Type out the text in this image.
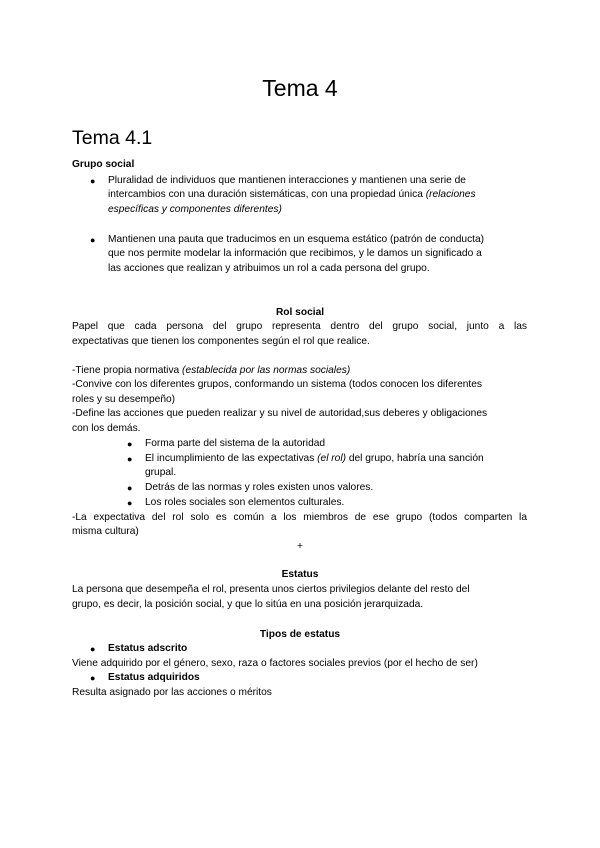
Tema 4
Tema 4.1
Grupo social
● Pluralidad de individuos que mantienen interacciones y mantienen una serie de
intercambios con una duración sistemáticas, con una propiedad única (relaciones
específicas y componentes diferentes)
● Mantienen una pauta que traducimos en un esquema estático (patrón de conducta)
que nos permite modelar la información que recibimos, y le damos un significado a
las acciones que realizan y atribuimos un rol a cada persona del grupo.
Rol social
Papel que cada persona del grupo representa dentro del grupo social, junto a las
expectativas que tienen los componentes según el rol que realice.
-Tiene propia normativa (establecida por las normas sociales)
-Convive con los diferentes grupos, conformando un sistema (todos conocen los diferentes
roles y su desempeño)
-Define las acciones que pueden realizar y su nivel de autoridad,sus deberes y obligaciones
con los demás.
● Forma parte del sistema de la autoridad
● El incumplimiento de las expectativas (el rol) del grupo, habría una sanción
grupal.
● Detrás de las normas y roles existen unos valores.
● Los roles sociales son elementos culturales.
-La expectativa del rol solo es común a los miembros de ese grupo (todos comparten la
misma cultura)
+
Estatus
La persona que desempeña el rol, presenta unos ciertos privilegios delante del resto del
grupo, es decir, la posición social, y que lo sitúa en una posición jerarquizada.
Tipos de estatus
● Estatus adscrito
Viene adquirido por el género, sexo, raza o factores sociales previos (por el hecho de ser)
● Estatus adquiridos
Resulta asignado por las acciones o méritos
